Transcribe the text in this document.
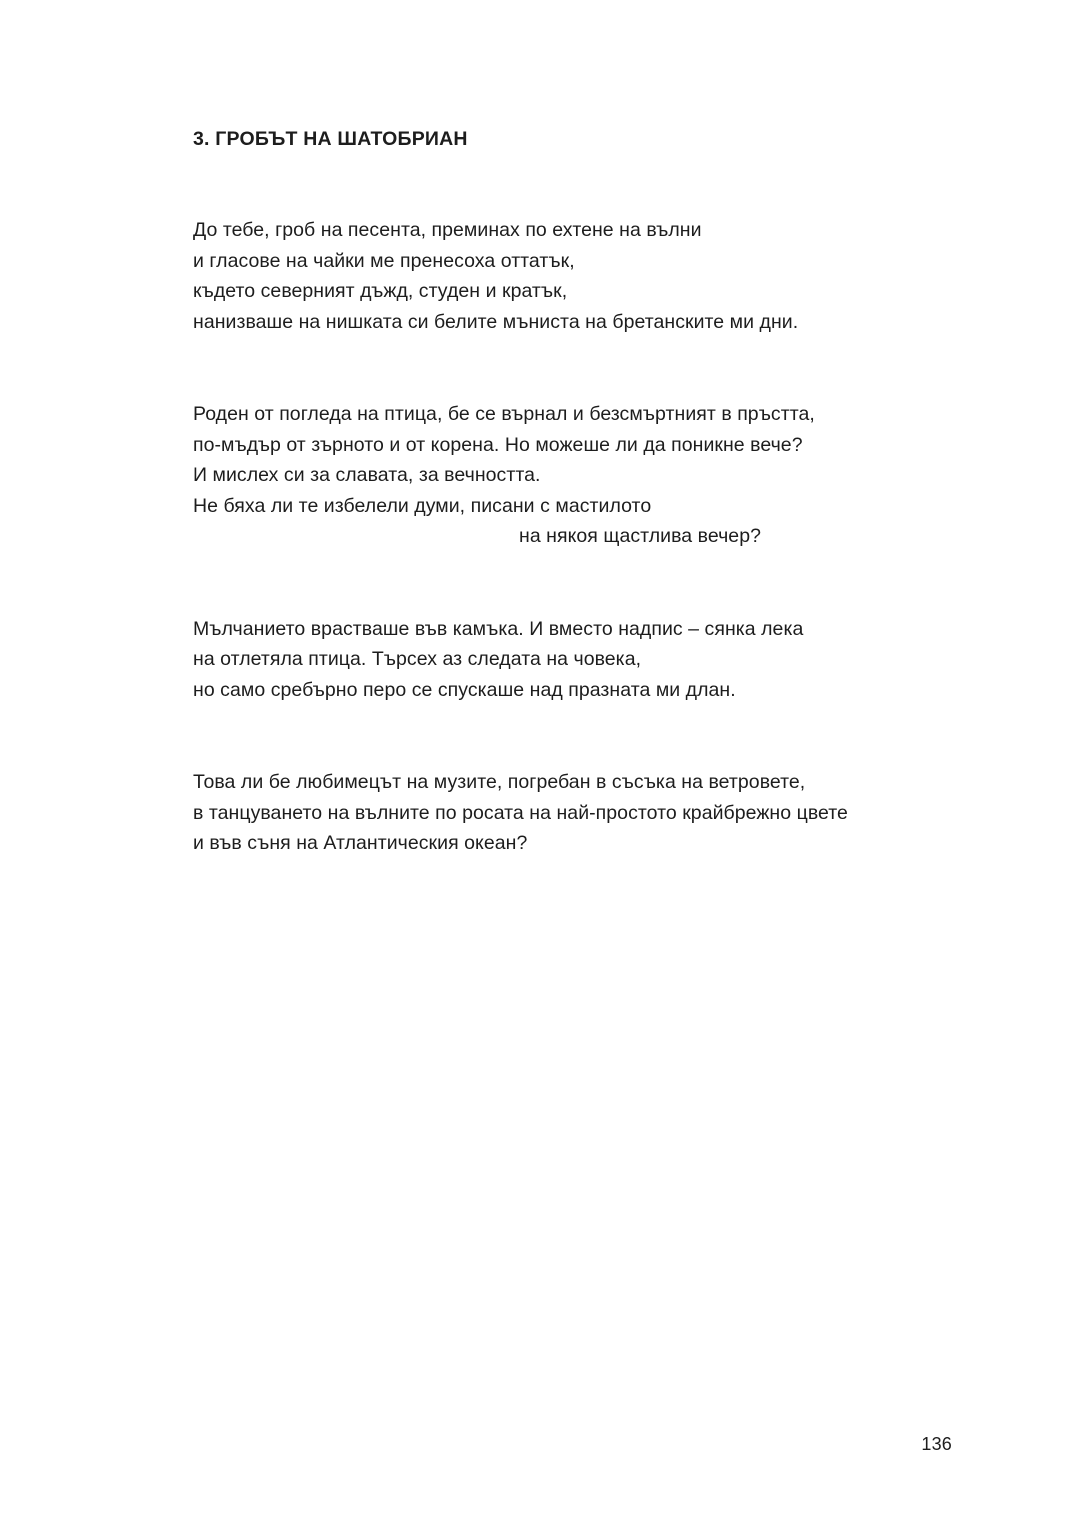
3. ГРОБЪТ НА ШАТОБРИАН
До тебе, гроб на песента, преминах по ехтене на вълни
и гласове на чайки ме пренесоха оттатък,
където северният дъжд, студен и кратък,
нанизваше на нишката си белите мъниста на бретанските ми дни.
Роден от погледа на птица, бе се върнал и безсмъртният в пръстта,
по-мъдър от зърното и от корена. Но можеше ли да поникне вече?
И мислех си за славата, за вечността.
Не бяха ли те избелели думи, писани с мастилото
на някоя щастлива вечер?
Мълчанието врастваше във камъка. И вместо надпис – сянка лека
на отлетяла птица. Търсех аз следата на човека,
но само сребърно перо се спускаше над празната ми длан.
Това ли бе любимецът на музите, погребан в съсъка на ветровете,
в танцуването на вълните по росата на най-простото крайбрежно цвете
и във съня на Атлантическия океан?
136
